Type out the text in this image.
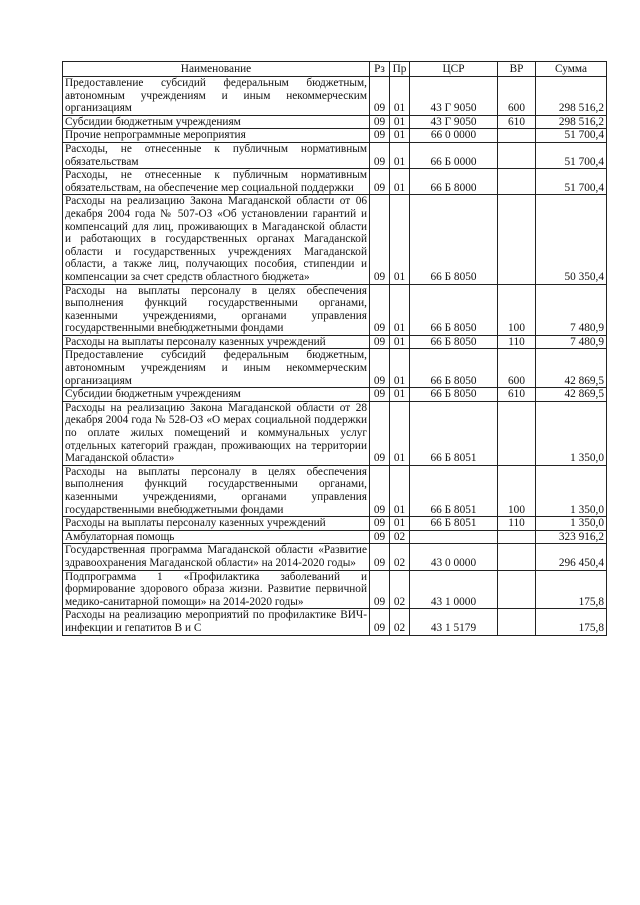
Наименование	Рз	Пр	ЦСР	ВР	Сумма
Предоставление субсидий федеральным бюджетным, автономным учреждениям и иным некоммерческим организациям	09	01	43 Г 9050	600	298 516,2
Субсидии бюджетным учреждениям	09	01	43 Г 9050	610	298 516,2
Прочие непрограммные мероприятия	09	01	66 0 0000		51 700,4
Расходы, не отнесенные к публичным нормативным обязательствам	09	01	66 Б 0000		51 700,4
Расходы, не отнесенные к публичным нормативным обязательствам, на обеспечение мер социальной поддержки	09	01	66 Б 8000		51 700,4
Расходы на реализацию Закона Магаданской области от 06 декабря 2004 года № 507-ОЗ «Об установлении гарантий и компенсаций для лиц, проживающих в Магаданской области и работающих в государственных органах Магаданской области и государственных учреждениях Магаданской области, а также лиц, получающих пособия, стипендии и компенсации за счет средств областного бюджета»	09	01	66 Б 8050		50 350,4
Расходы на выплаты персоналу в целях обеспечения выполнения функций государственными органами, казенными учреждениями, органами управления государственными внебюджетными фондами	09	01	66 Б 8050	100	7 480,9
Расходы на выплаты персоналу казенных учреждений	09	01	66 Б 8050	110	7 480,9
Предоставление субсидий федеральным бюджетным, автономным учреждениям и иным некоммерческим организациям	09	01	66 Б 8050	600	42 869,5
Субсидии бюджетным учреждениям	09	01	66 Б 8050	610	42 869,5
Расходы на реализацию Закона Магаданской области от 28 декабря 2004 года № 528-ОЗ «О мерах социальной поддержки по оплате жилых помещений и коммунальных услуг отдельных категорий граждан, проживающих на территории Магаданской области»	09	01	66 Б 8051		1 350,0
Расходы на выплаты персоналу в целях обеспечения выполнения функций государственными органами, казенными учреждениями, органами управления государственными внебюджетными фондами	09	01	66 Б 8051	100	1 350,0
Расходы на выплаты персоналу казенных учреждений	09	01	66 Б 8051	110	1 350,0
Амбулаторная помощь	09	02			323 916,2
Государственная программа Магаданской области «Развитие здравоохранения Магаданской области» на 2014-2020 годы»	09	02	43 0 0000		296 450,4
Подпрограмма 1 «Профилактика заболеваний и формирование здорового образа жизни. Развитие первичной медико-санитарной помощи» на 2014-2020 годы»	09	02	43 1 0000		175,8
Расходы на реализацию мероприятий по профилактике ВИЧ-инфекции и гепатитов В и С	09	02	43 1 5179		175,8
